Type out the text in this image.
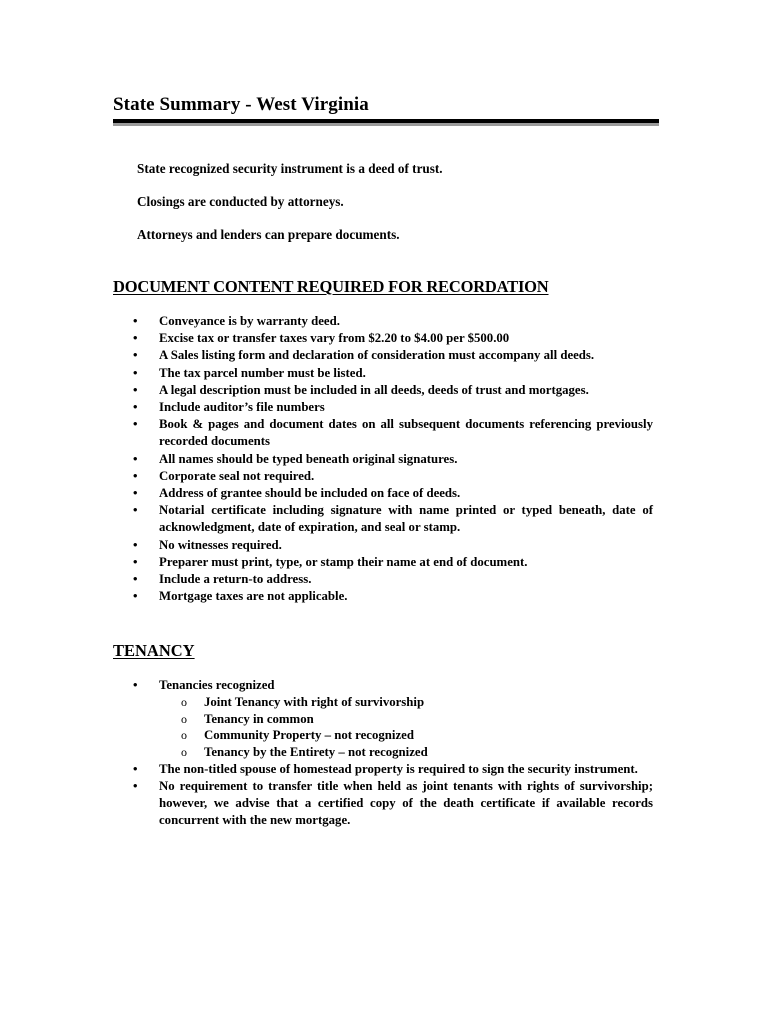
State Summary - West Virginia

State recognized security instrument is a deed of trust.

Closings are conducted by attorneys.

Attorneys and lenders can prepare documents.

DOCUMENT CONTENT REQUIRED FOR RECORDATION
• Conveyance is by warranty deed.
• Excise tax or transfer taxes vary from $2.20 to $4.00 per $500.00
• A Sales listing form and declaration of consideration must accompany all deeds.
• The tax parcel number must be listed.
• A legal description must be included in all deeds, deeds of trust and mortgages.
• Include auditor’s file numbers
• Book & pages and document dates on all subsequent documents referencing previously recorded documents
• All names should be typed beneath original signatures.
• Corporate seal not required.
• Address of grantee should be included on face of deeds.
• Notarial certificate including signature with name printed or typed beneath, date of acknowledgment, date of expiration, and seal or stamp.
• No witnesses required.
• Preparer must print, type, or stamp their name at end of document.
• Include a return-to address.
• Mortgage taxes are not applicable.
TENANCY
• Tenancies recognized
o Joint Tenancy with right of survivorship
o Tenancy in common
o Community Property – not recognized
o Tenancy by the Entirety – not recognized
• The non-titled spouse of homestead property is required to sign the security instrument.
• No requirement to transfer title when held as joint tenants with rights of survivorship; however, we advise that a certified copy of the death certificate if available records concurrent with the new mortgage.
